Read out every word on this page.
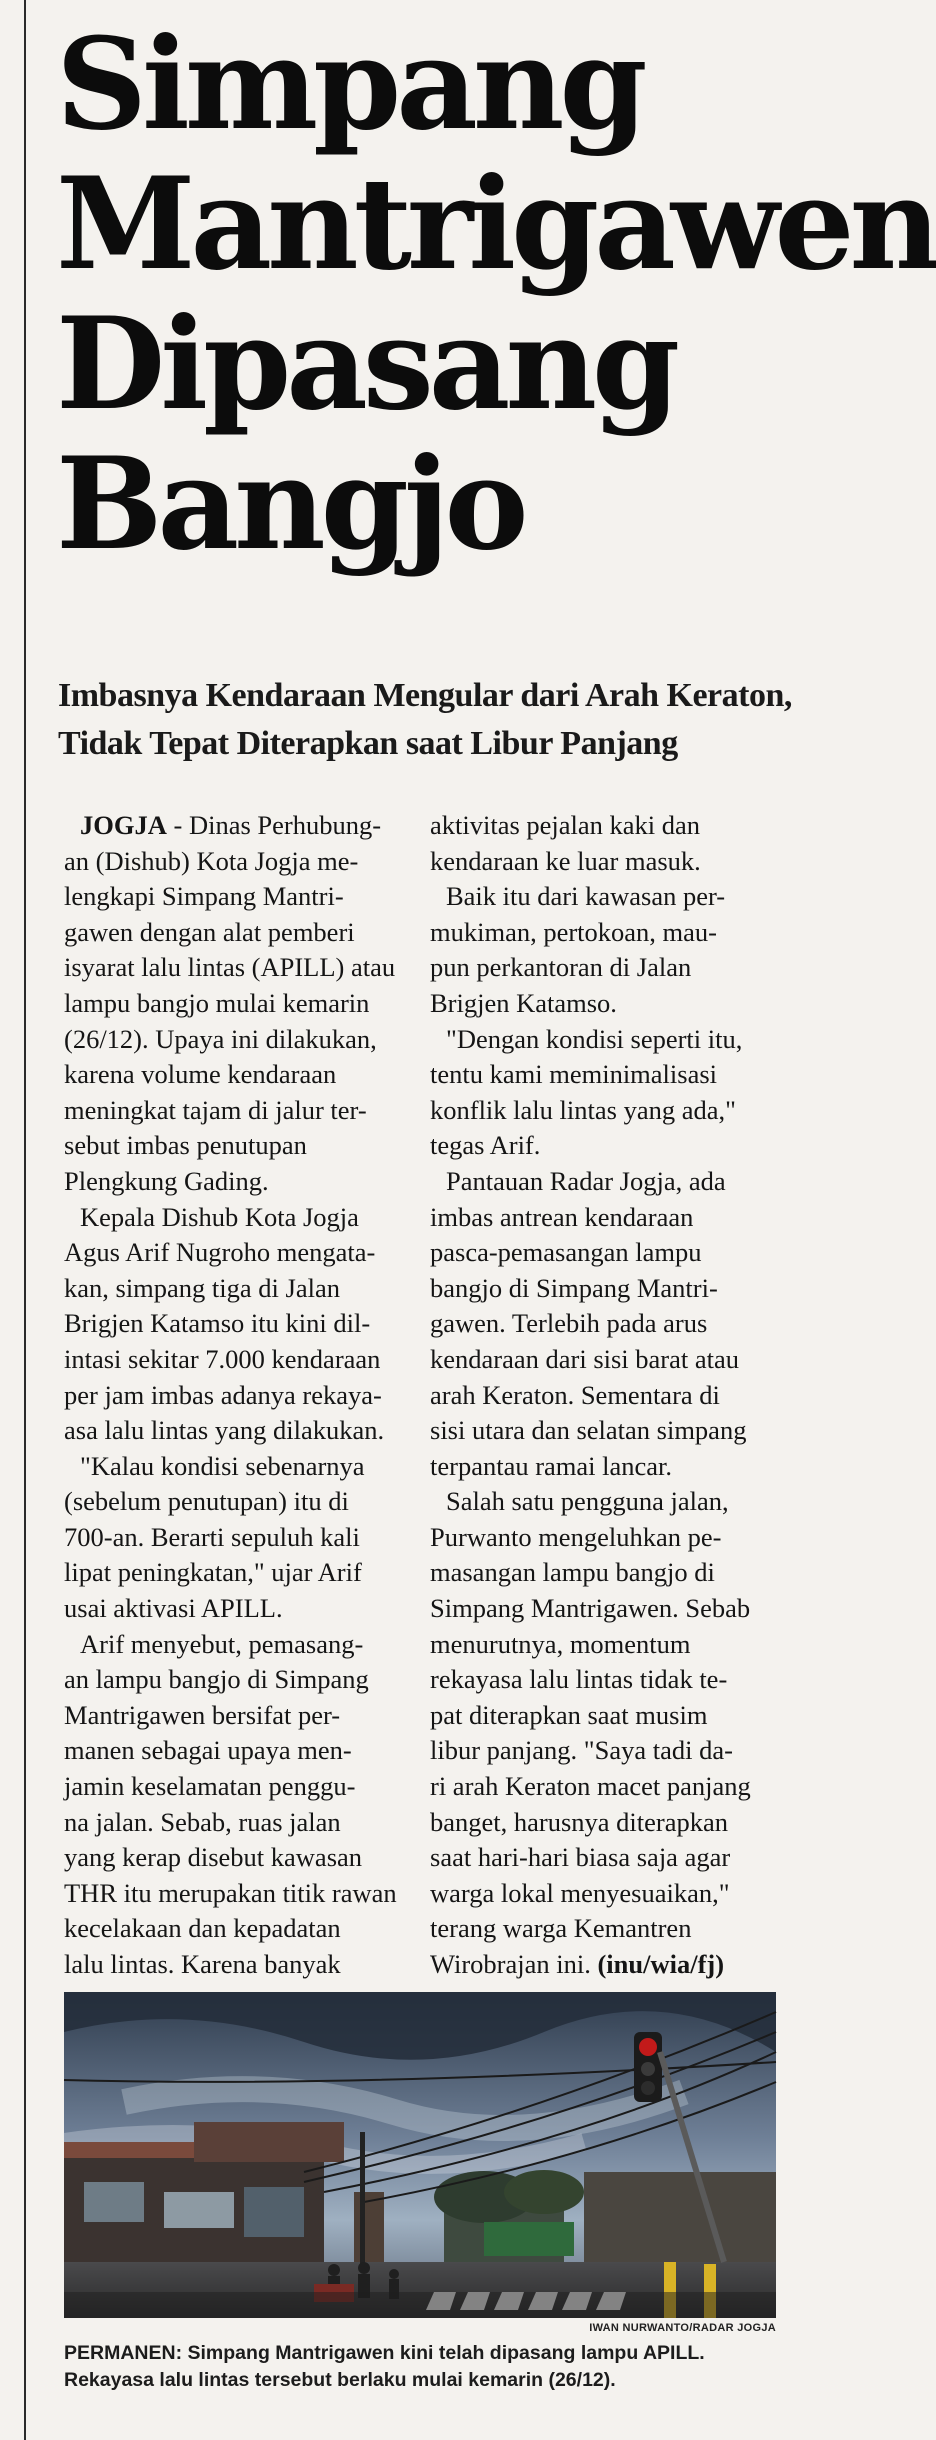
Simpang
Mantrigawen
Dipasang
Bangjo
Imbasnya Kendaraan Mengular dari Arah Keraton,
Tidak Tepat Diterapkan saat Libur Panjang
JOGJA - Dinas Perhubung-
an (Dishub) Kota Jogja me-
lengkapi Simpang Mantri-
gawen dengan alat pemberi
isyarat lalu lintas (APILL) atau
lampu bangjo mulai kemarin
(26/12). Upaya ini dilakukan,
karena volume kendaraan
meningkat tajam di jalur ter-
sebut imbas penutupan
Plengkung Gading.
Kepala Dishub Kota Jogja
Agus Arif Nugroho mengata-
kan, simpang tiga di Jalan
Brigjen Katamso itu kini dil-
intasi sekitar 7.000 kendaraan
per jam imbas adanya rekaya-
asa lalu lintas yang dilakukan.
"Kalau kondisi sebenarnya
(sebelum penutupan) itu di
700-an. Berarti sepuluh kali
lipat peningkatan," ujar Arif
usai aktivasi APILL.
Arif menyebut, pemasang-
an lampu bangjo di Simpang
Mantrigawen bersifat per-
manen sebagai upaya men-
jamin keselamatan penggu-
na jalan. Sebab, ruas jalan
yang kerap disebut kawasan
THR itu merupakan titik rawan
kecelakaan dan kepadatan
lalu lintas. Karena banyak
aktivitas pejalan kaki dan
kendaraan ke luar masuk.
Baik itu dari kawasan per-
mukiman, pertokoan, mau-
pun perkantoran di Jalan
Brigjen Katamso.
"Dengan kondisi seperti itu,
tentu kami meminimalisasi
konflik lalu lintas yang ada,"
tegas Arif.
Pantauan Radar Jogja, ada
imbas antrean kendaraan
pasca-pemasangan lampu
bangjo di Simpang Mantri-
gawen. Terlebih pada arus
kendaraan dari sisi barat atau
arah Keraton. Sementara di
sisi utara dan selatan simpang
terpantau ramai lancar.
Salah satu pengguna jalan,
Purwanto mengeluhkan pe-
masangan lampu bangjo di
Simpang Mantrigawen. Sebab
menurutnya, momentum
rekayasa lalu lintas tidak te-
pat diterapkan saat musim
libur panjang. "Saya tadi da-
ri arah Keraton macet panjang
banget, harusnya diterapkan
saat hari-hari biasa saja agar
warga lokal menyesuaikan,"
terang warga Kemantren
Wirobrajan ini. (inu/wia/fj)
IWAN NURWANTO/RADAR JOGJA
PERMANEN: Simpang Mantrigawen kini telah dipasang lampu APILL.
Rekayasa lalu lintas tersebut berlaku mulai kemarin (26/12).
